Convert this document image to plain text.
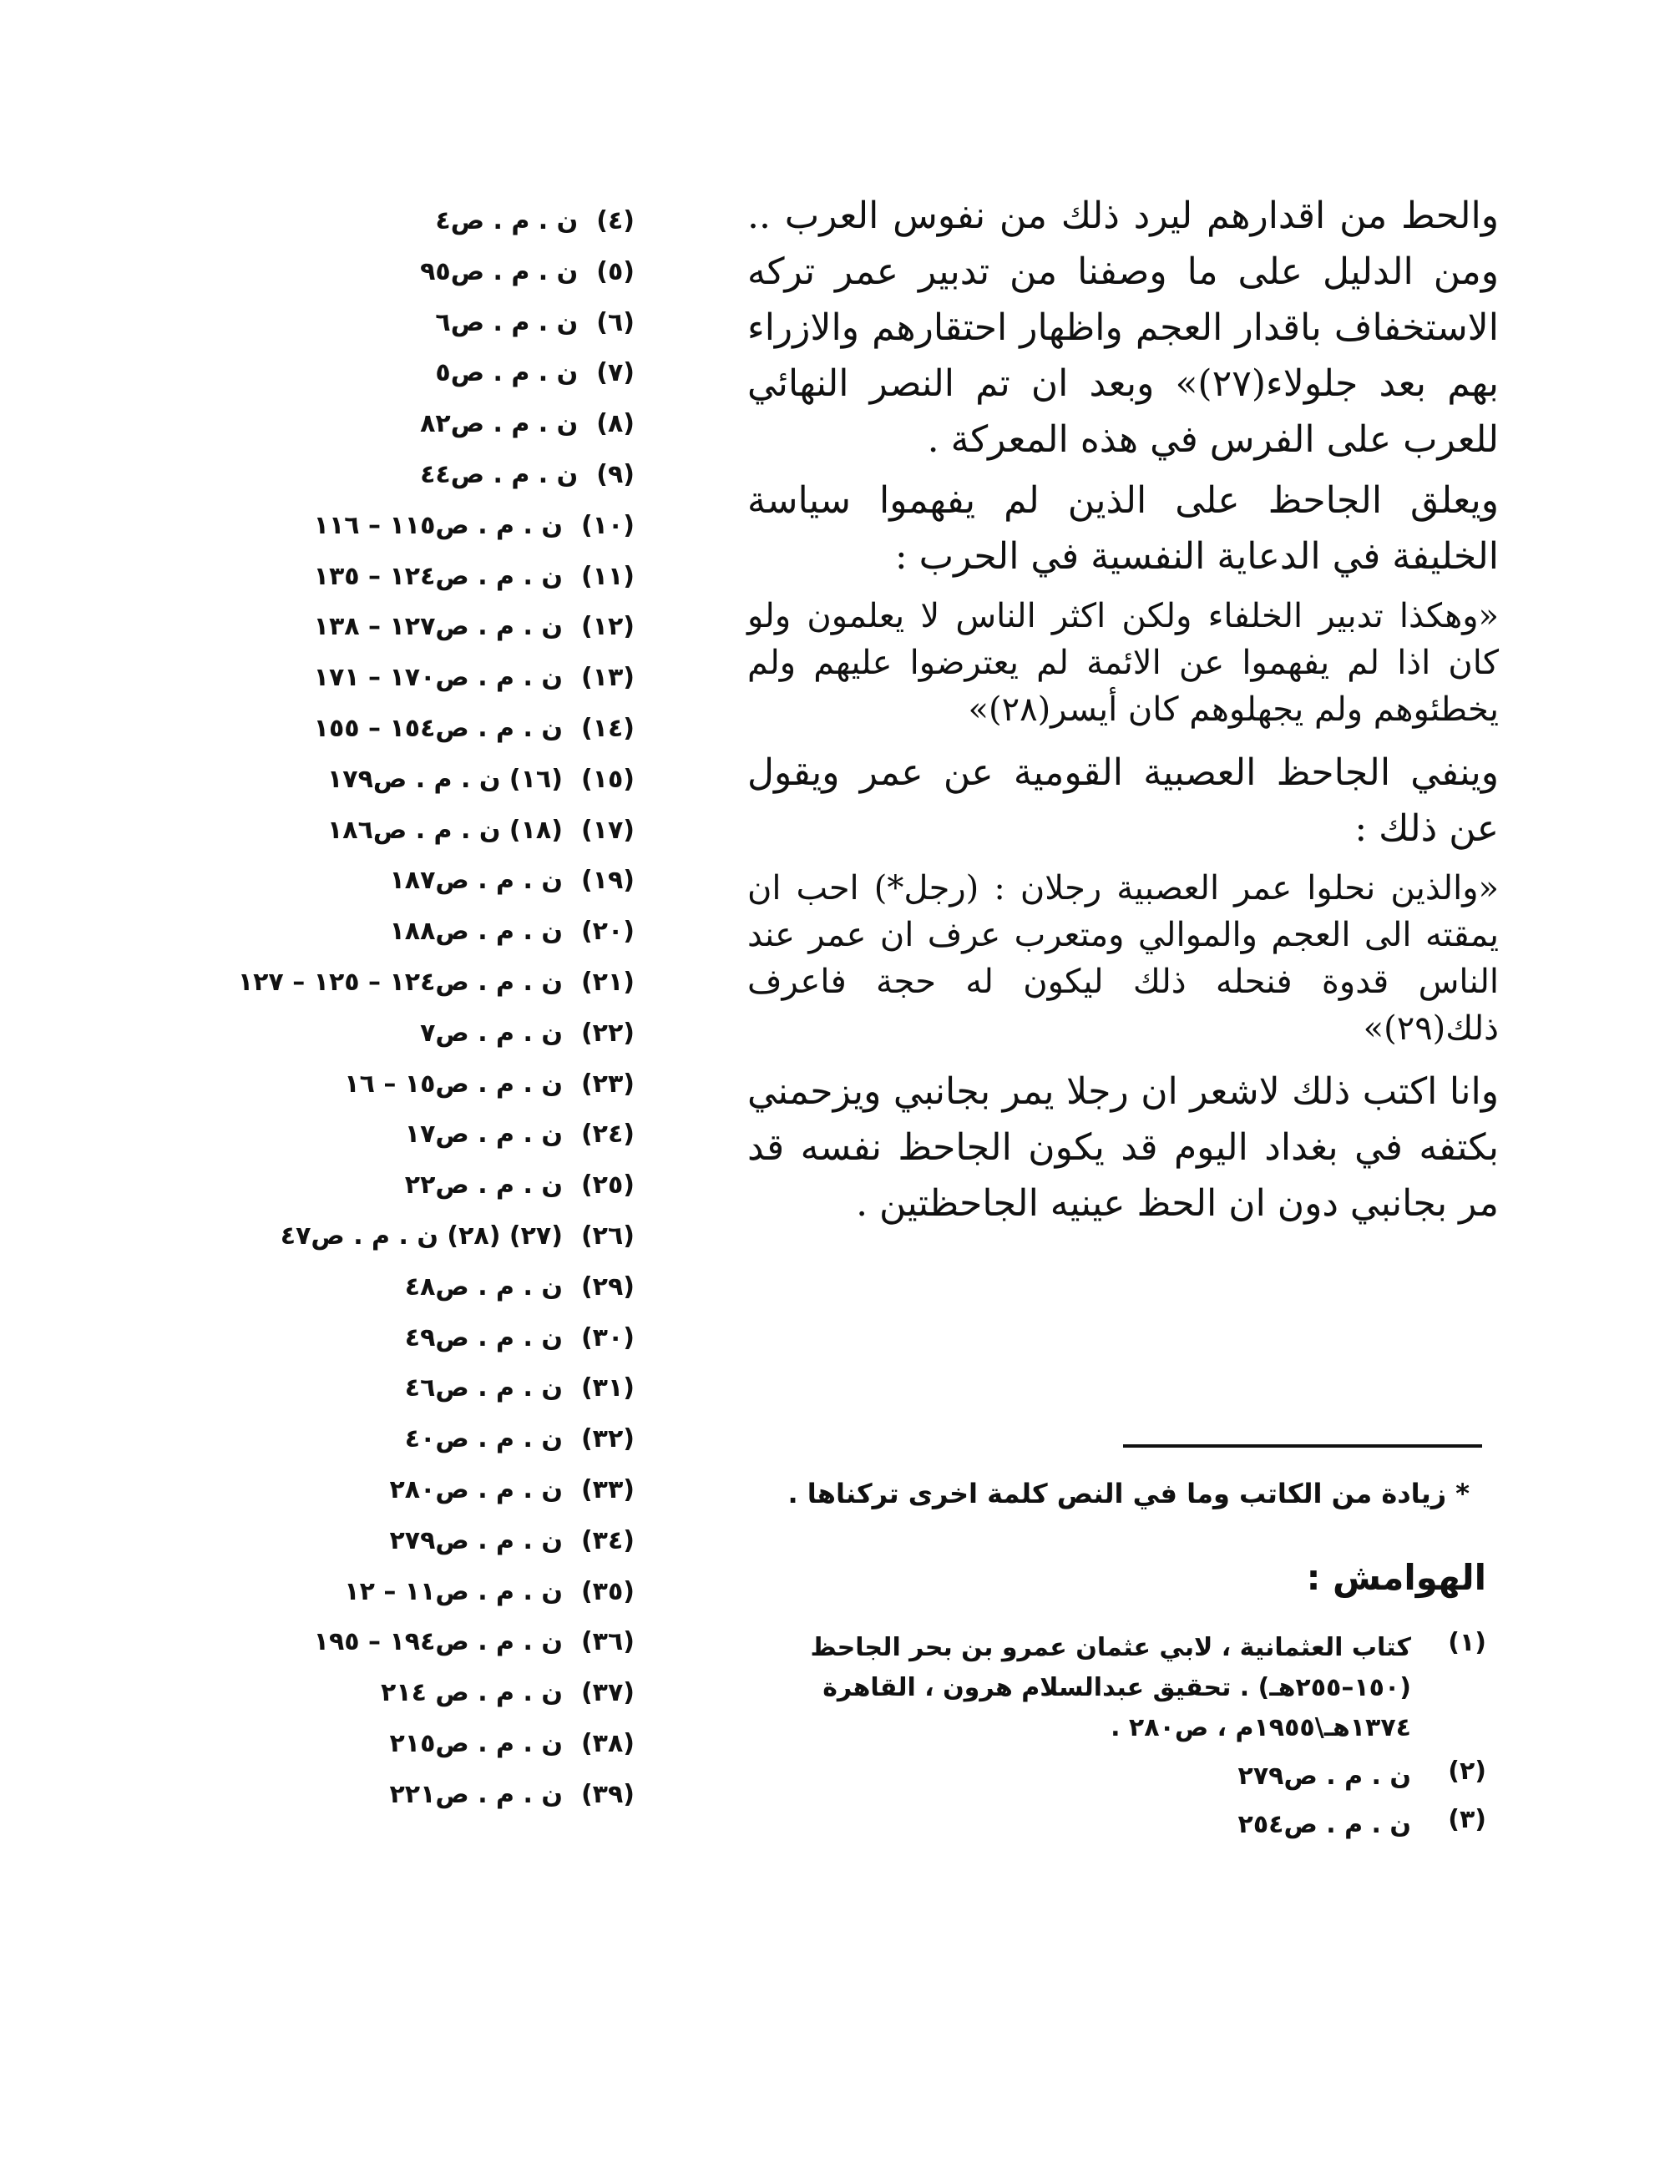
والحط من اقدارهم ليرد ذلك من نفوس العرب .. ومن الدليل على ما وصفنا من تدبير عمر تركه الاستخفاف باقدار العجم واظهار احتقارهم والازراء بهم بعد جلولاء(٢٧)» وبعد ان تم النصر النهائي للعرب على الفرس في هذه المعركة .

ويعلق الجاحظ على الذين لم يفهموا سياسة الخليفة في الدعاية النفسية في الحرب :

«وهكذا تدبير الخلفاء ولكن اكثر الناس لا يعلمون ولو كان اذا لم يفهموا عن الائمة لم يعترضوا عليهم ولم يخطئوهم ولم يجهلوهم كان أيسر(٢٨)»

وينفي الجاحظ العصبية القومية عن عمر ويقول عن ذلك :

«والذين نحلوا عمر العصبية رجلان : (رجل*) احب ان يمقته الى العجم والموالي ومتعرب عرف ان عمر عند الناس قدوة فنحله ذلك ليكون له حجة فاعرف ذلك(٢٩)»

وانا اكتب ذلك لاشعر ان رجلا يمر بجانبي ويزحمني بكتفه في بغداد اليوم قد يكون الجاحظ نفسه قد مر بجانبي دون ان الحظ عينيه الجاحظتين .

* زيادة من الكاتب وما في النص كلمة اخرى تركناها .
الهوامش :
(١)
كتاب العثمانية ، لابي عثمان عمرو بن بحر الجاحظ (١٥٠–٢٥٥هـ) . تحقيق عبدالسلام هرون ، القاهرة ١٣٧٤هـ\١٩٥٥م ، ص٢٨٠ .
(٢)
ن . م . ص٢٧٩
(٣)
ن . م . ص٢٥٤
(٤)ن . م . ص٤
(٥)ن . م . ص٩٥
(٦)ن . م . ص٦
(٧)ن . م . ص٥
(٨)ن . م . ص٨٢
(٩)ن . م . ص٤٤
(١٠)ن . م . ص١١٥ – ١١٦
(١١)ن . م . ص١٢٤ – ١٣٥
(١٢)ن . م . ص١٢٧ – ١٣٨
(١٣)ن . م . ص١٧٠ – ١٧١
(١٤)ن . م . ص١٥٤ – ١٥٥
(١٥)(١٦) ن . م . ص١٧٩
(١٧)(١٨) ن . م . ص١٨٦
(١٩)ن . م . ص١٨٧
(٢٠)ن . م . ص١٨٨
(٢١)ن . م . ص١٢٤ – ١٢٥ – ١٢٧
(٢٢)ن . م . ص٧
(٢٣)ن . م . ص١٥ – ١٦
(٢٤)ن . م . ص١٧
(٢٥)ن . م . ص٢٢
(٢٦)(٢٧) (٢٨) ن . م . ص٤٧
(٢٩)ن . م . ص٤٨
(٣٠)ن . م . ص٤٩
(٣١)ن . م . ص٤٦
(٣٢)ن . م . ص٤٠
(٣٣)ن . م . ص٢٨٠
(٣٤)ن . م . ص٢٧٩
(٣٥)ن . م . ص١١ – ١٢
(٣٦)ن . م . ص١٩٤ – ١٩٥
(٣٧)ن . م . ص ٢١٤
(٣٨)ن . م . ص٢١٥
(٣٩)ن . م . ص٢٢١
